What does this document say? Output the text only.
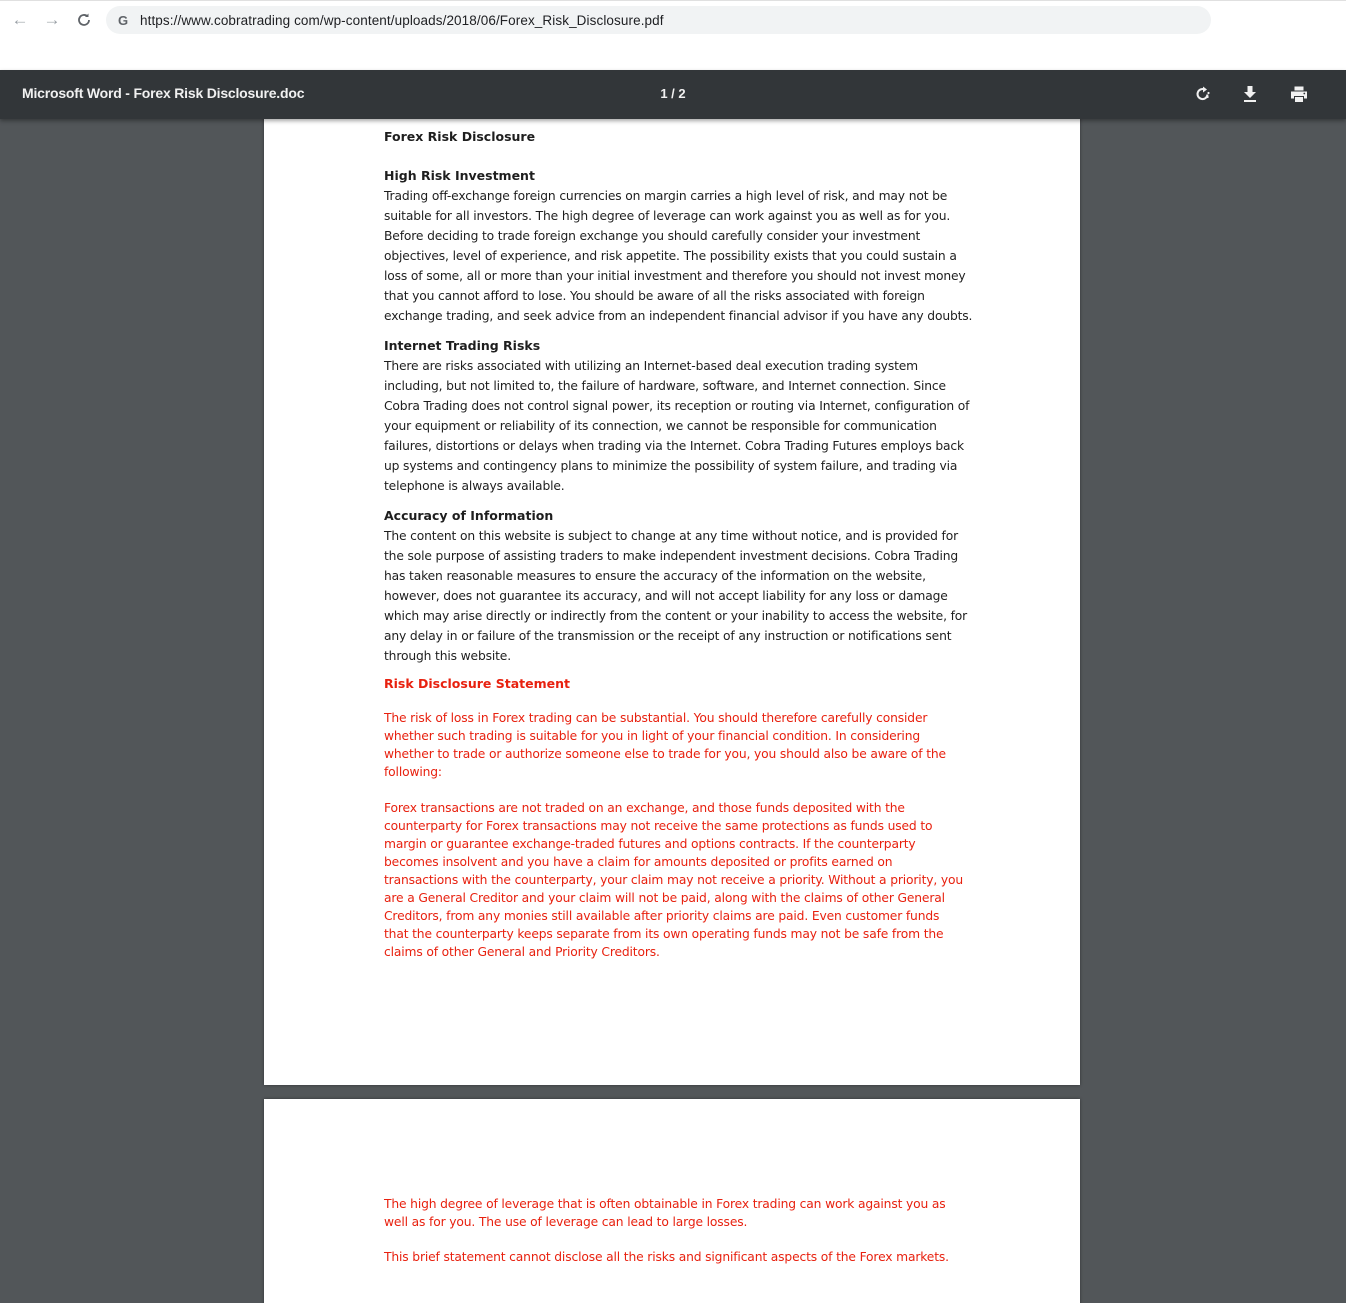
← →	G https://www.cobratrading com/wp-content/uploads/2018/06/Forex_Risk_Disclosure.pdf
Microsoft Word - Forex Risk Disclosure.doc	1 / 2
Forex Risk Disclosure
High Risk Investment
Trading off-exchange foreign currencies on margin carries a high level of risk, and may not be suitable for all investors. The high degree of leverage can work against you as well as for you. Before deciding to trade foreign exchange you should carefully consider your investment objectives, level of experience, and risk appetite. The possibility exists that you could sustain a loss of some, all or more than your initial investment and therefore you should not invest money that you cannot afford to lose. You should be aware of all the risks associated with foreign exchange trading, and seek advice from an independent financial advisor if you have any doubts.
Internet Trading Risks
There are risks associated with utilizing an Internet-based deal execution trading system including, but not limited to, the failure of hardware, software, and Internet connection. Since Cobra Trading does not control signal power, its reception or routing via Internet, configuration of your equipment or reliability of its connection, we cannot be responsible for communication failures, distortions or delays when trading via the Internet. Cobra Trading Futures employs back up systems and contingency plans to minimize the possibility of system failure, and trading via telephone is always available.
Accuracy of Information
The content on this website is subject to change at any time without notice, and is provided for the sole purpose of assisting traders to make independent investment decisions. Cobra Trading has taken reasonable measures to ensure the accuracy of the information on the website, however, does not guarantee its accuracy, and will not accept liability for any loss or damage which may arise directly or indirectly from the content or your inability to access the website, for any delay in or failure of the transmission or the receipt of any instruction or notifications sent through this website.
Risk Disclosure Statement
The risk of loss in Forex trading can be substantial. You should therefore carefully consider whether such trading is suitable for you in light of your financial condition. In considering whether to trade or authorize someone else to trade for you, you should also be aware of the following:
Forex transactions are not traded on an exchange, and those funds deposited with the counterparty for Forex transactions may not receive the same protections as funds used to margin or guarantee exchange-traded futures and options contracts. If the counterparty becomes insolvent and you have a claim for amounts deposited or profits earned on transactions with the counterparty, your claim may not receive a priority. Without a priority, you are a General Creditor and your claim will not be paid, along with the claims of other General Creditors, from any monies still available after priority claims are paid. Even customer funds that the counterparty keeps separate from its own operating funds may not be safe from the claims of other General and Priority Creditors.
The high degree of leverage that is often obtainable in Forex trading can work against you as well as for you. The use of leverage can lead to large losses.
This brief statement cannot disclose all the risks and significant aspects of the Forex markets.
